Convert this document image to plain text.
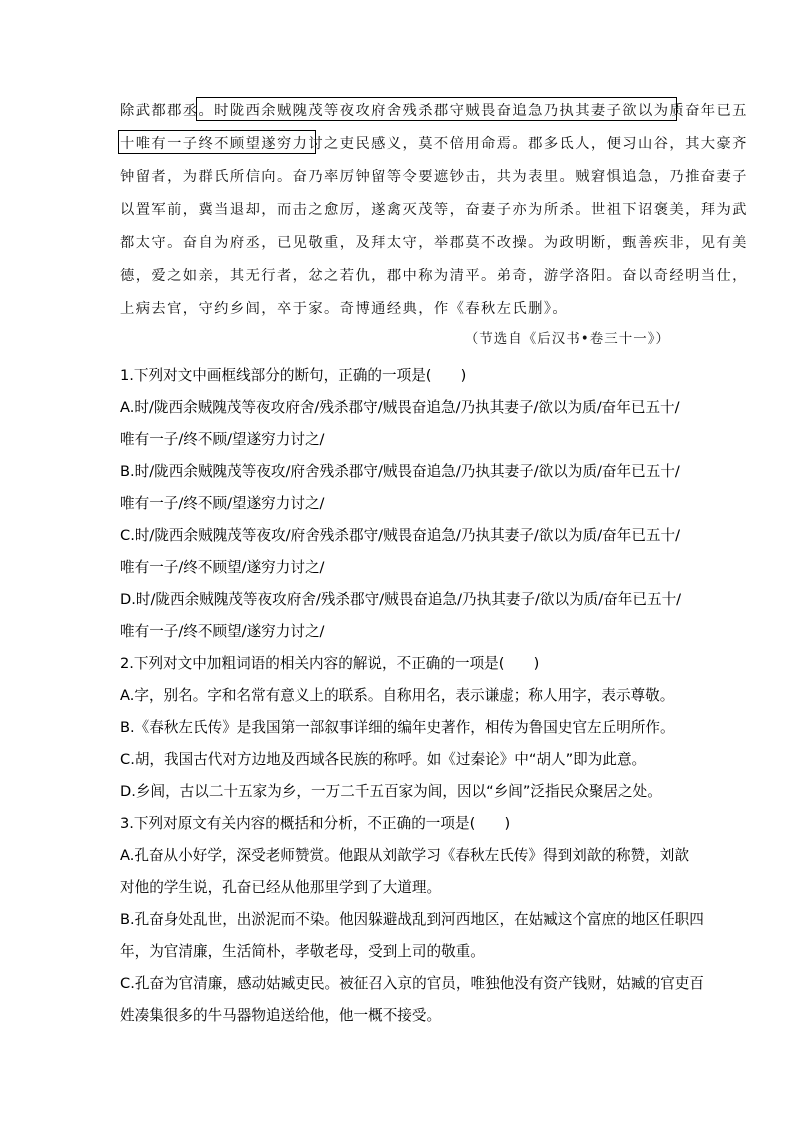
除武都郡丞。时陇西余贼隗茂等夜攻府舍残杀郡守贼畏奋追急乃执其妻子欲以为质奋年已五
十唯有一子终不顾望遂穷力讨之吏民感义，莫不倍用命焉。郡多氐人，便习山谷，其大豪齐
钟留者，为群氏所信向。奋乃率厉钟留等令要遮钞击，共为表里。贼窘惧追急，乃推奋妻子
以置军前，冀当退却，而击之愈厉，遂禽灭茂等，奋妻子亦为所杀。世祖下诏褒美，拜为武
都太守。奋自为府丞，已见敬重，及拜太守，举郡莫不改操。为政明断，甄善疾非，见有美
德，爱之如亲，其无行者，忿之若仇，郡中称为清平。弟奇，游学洛阳。奋以奇经明当仕，
上病去官，守约乡闾，卒于家。奇博通经典，作《春秋左氏删》。
（节选自《后汉书•卷三十一》）
1.下列对文中画框线部分的断句，正确的一项是(　　)
A.时/陇西余贼隗茂等夜攻府舍/残杀郡守/贼畏奋追急/乃执其妻子/欲以为质/奋年已五十/
唯有一子/终不顾/望遂穷力讨之/
B.时/陇西余贼隗茂等夜攻/府舍残杀郡守/贼畏奋追急/乃执其妻子/欲以为质/奋年已五十/
唯有一子/终不顾/望遂穷力讨之/
C.时/陇西余贼隗茂等夜攻/府舍残杀郡守/贼畏奋追急/乃执其妻子/欲以为质/奋年已五十/
唯有一子/终不顾望/遂穷力讨之/
D.时/陇西余贼隗茂等夜攻府舍/残杀郡守/贼畏奋追急/乃执其妻子/欲以为质/奋年已五十/
唯有一子/终不顾望/遂穷力讨之/
2.下列对文中加粗词语的相关内容的解说，不正确的一项是(　　)
A.字，别名。字和名常有意义上的联系。自称用名，表示谦虚；称人用字，表示尊敬。
B.《春秋左氏传》是我国第一部叙事详细的编年史著作，相传为鲁国史官左丘明所作。
C.胡，我国古代对方边地及西域各民族的称呼。如《过秦论》中“胡人”即为此意。
D.乡闾，古以二十五家为乡，一万二千五百家为闾，因以“乡闾”泛指民众聚居之处。
3.下列对原文有关内容的概括和分析，不正确的一项是(　　)
A.孔奋从小好学，深受老师赞赏。他跟从刘歆学习《春秋左氏传》得到刘歆的称赞，刘歆
对他的学生说，孔奋已经从他那里学到了大道理。
B.孔奋身处乱世，出淤泥而不染。他因躲避战乱到河西地区，在姑臧这个富庶的地区任职四
年，为官清廉，生活简朴，孝敬老母，受到上司的敬重。
C.孔奋为官清廉，感动姑臧吏民。被征召入京的官员，唯独他没有资产钱财，姑臧的官吏百
姓凑集很多的牛马器物追送给他，他一概不接受。
